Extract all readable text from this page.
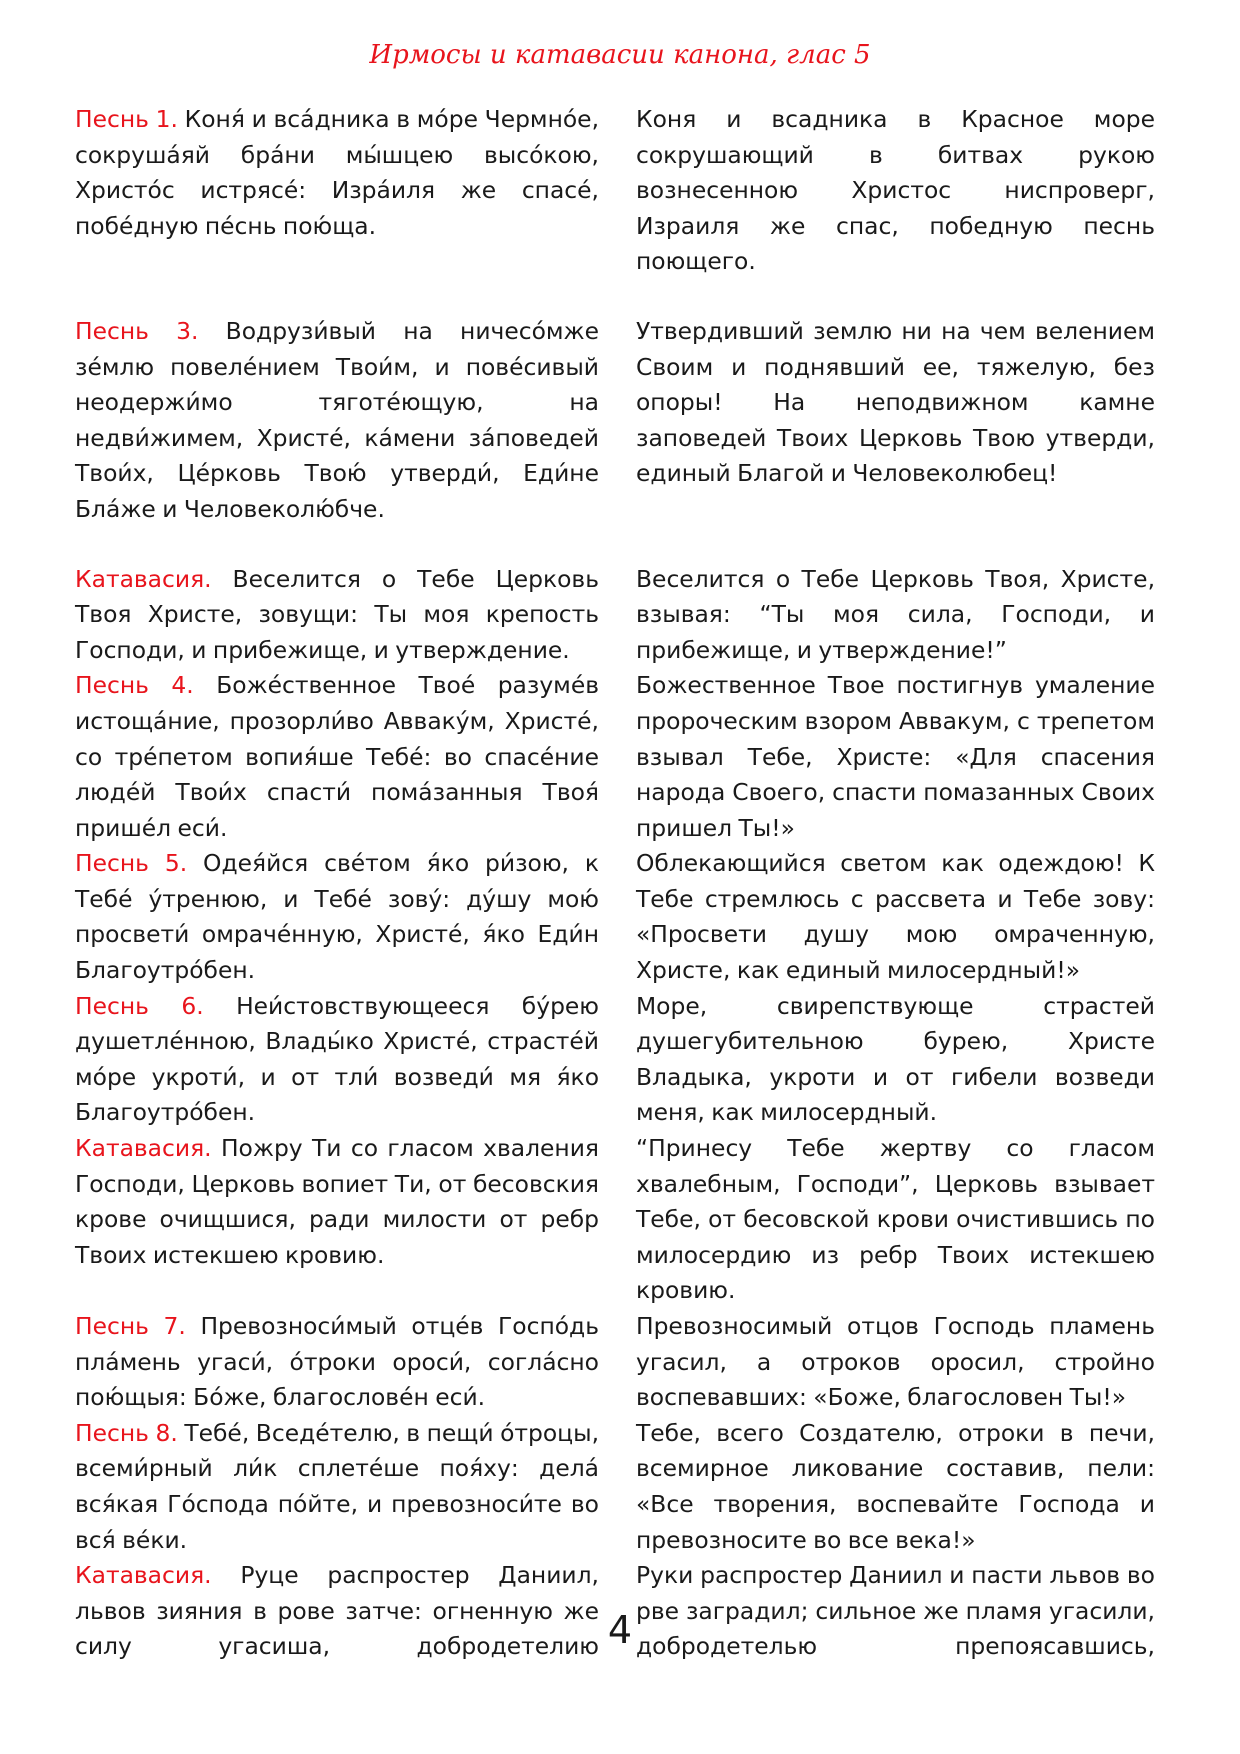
Ирмосы и катавасии канона, глас 5
Песнь 1. Коня́ и вса́дника в мо́ре Чермно́е, сокруша́яй бра́ни мы́шцею высо́кою, Христо́с истрясе́: Изра́иля же спасе́, побе́дную пе́снь пою́ща.
Коня и всадника в Красное море сокрушающий в битвах рукою вознесенною Христос ниспроверг, Израиля же спас, победную песнь поющего.
Песнь 3. Водрузи́вый на ничесо́мже зе́млю повеле́нием Твои́м, и пове́сивый неодержи́мо тяготе́ющую, на недви́жимем, Христе́, ка́мени за́поведей Твои́х, Це́рковь Твою́ утверди́, Еди́не Бла́же и Человеколю́бче.
Утвердивший землю ни на чем велением Своим и поднявший ее, тяжелую, без опоры! На неподвижном камне заповедей Твоих Церковь Твою утверди, единый Благой и Человеколюбец!
Катавасия. Веселится о Тебе Церковь Твоя Христе, зовущи: Ты моя крепость Господи, и прибежище, и утверждение.
Веселится о Тебе Церковь Твоя, Христе, взывая: “Ты моя сила, Господи, и прибежище, и утверждение!”
Песнь 4. Боже́ственное Твое́ разуме́в истоща́ние, прозорли́во Авваку́м, Христе́, со тре́петом вопия́ше Тебе́: во спасе́ние люде́й Твои́х спасти́ пома́занныя Твоя́ прише́л еси́.
Божественное Твое постигнув умаление пророческим взором Аввакум, с трепетом взывал Тебе, Христе: «Для спасения народа Своего, спасти помазанных Своих пришел Ты!»
Песнь 5. Одея́йся све́том я́ко ри́зою, к Тебе́ у́тренюю, и Тебе́ зову́: ду́шу мою́ просвети́ омраче́нную, Христе́, я́ко Еди́н Благоутро́бен.
Облекающийся светом как одеждою! К Тебе стремлюсь с рассвета и Тебе зову: «Просвети душу мою омраченную, Христе, как единый милосердный!»
Песнь 6. Неи́стовствующееся бу́рею душетле́нною, Влады́ко Христе́, страсте́й мо́ре укроти́, и от тли́ возведи́ мя я́ко Благоутро́бен.
Море, свирепствующе страстей душегубительною бурею, Христе Владыка, укроти и от гибели возведи меня, как милосердный.
Катавасия. Пожру Ти со гласом хваления Господи, Церковь вопиет Ти, от бесовския крове очищшися, ради милости от ребр Твоих истекшею кровию.
“Принесу Тебе жертву со гласом хвалебным, Господи”, Церковь взывает Тебе, от бесовской крови очистившись по милосердию из ребр Твоих истекшею кровию.
Песнь 7. Превозноси́мый отце́в Госпо́дь пла́мень угаси́, о́троки ороси́, согла́сно пою́щыя: Бо́же, благослове́н еси́.
Превозносимый отцов Господь пламень угасил, а отроков оросил, стройно воспевавших: «Боже, благословен Ты!»
Песнь 8. Тебе́, Вседе́телю, в пещи́ о́троцы, всеми́рный ли́к сплете́ше поя́ху: дела́ вся́кая Го́спода по́йте, и превозноси́те во вся́ ве́ки.
Тебе, всего Создателю, отроки в печи, всемирное ликование составив, пели: «Все творения, воспевайте Господа и превозносите во все века!»
Катавасия. Руце распростер Даниил, львов зияния в рове затче: огненную же силу угасиша, добродетелию
Руки распростер Даниил и пасти львов во рве заградил; сильное же пламя угасили, добродетелью препоясавшись,
4
